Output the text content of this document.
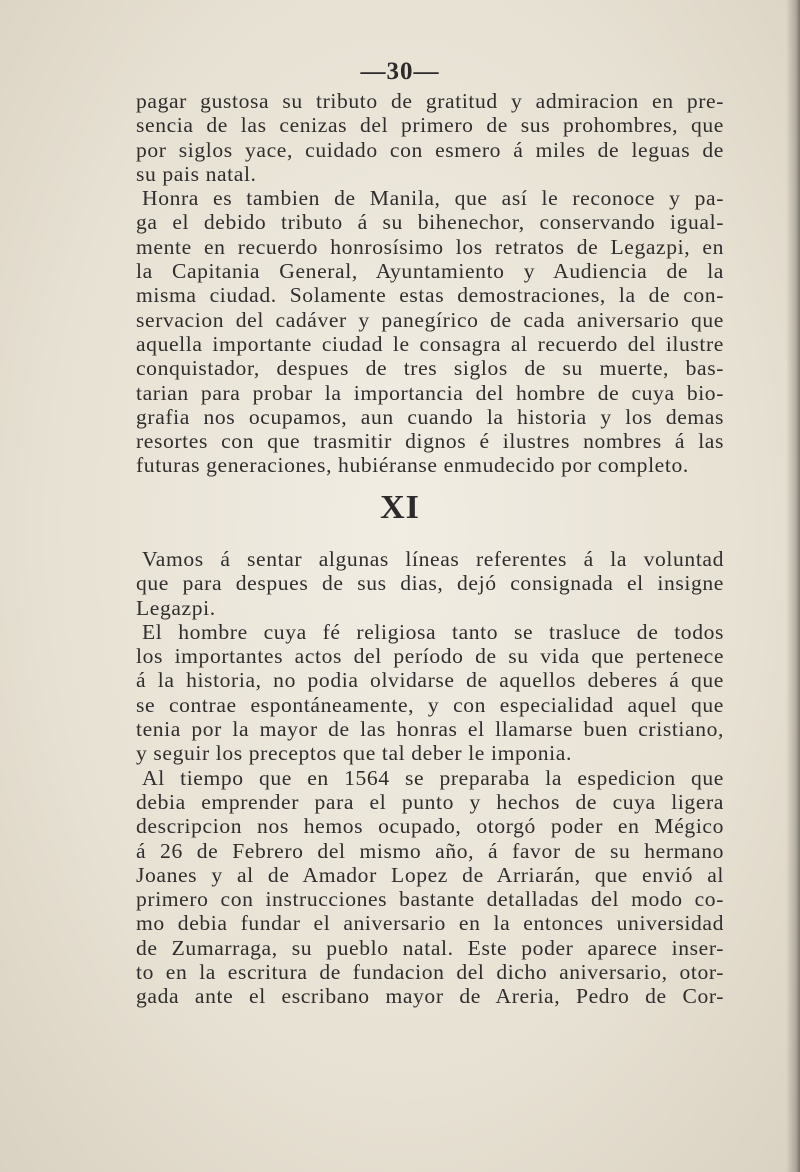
—30—
pagar gustosa su tributo de gratitud y admiracion en pre-
sencia de las cenizas del primero de sus prohombres, que
por siglos yace, cuidado con esmero á miles de leguas de
su pais natal.
Honra es tambien de Manila, que así le reconoce y pa-
ga el debido tributo á su bihenechor, conservando igual-
mente en recuerdo honrosísimo los retratos de Legazpi, en
la Capitania General, Ayuntamiento y Audiencia de la
misma ciudad. Solamente estas demostraciones, la de con-
servacion del cadáver y panegírico de cada aniversario que
aquella importante ciudad le consagra al recuerdo del ilustre
conquistador, despues de tres siglos de su muerte, bas-
tarian para probar la importancia del hombre de cuya bio-
grafia nos ocupamos, aun cuando la historia y los demas
resortes con que trasmitir dignos é ilustres nombres á las
futuras generaciones, hubiéranse enmudecido por completo.
XI
Vamos á sentar algunas líneas referentes á la voluntad
que para despues de sus dias, dejó consignada el insigne
Legazpi.
El hombre cuya fé religiosa tanto se trasluce de todos
los importantes actos del período de su vida que pertenece
á la historia, no podia olvidarse de aquellos deberes á que
se contrae espontáneamente, y con especialidad aquel que
tenia por la mayor de las honras el llamarse buen cristiano,
y seguir los preceptos que tal deber le imponia.
Al tiempo que en 1564 se preparaba la espedicion que
debia emprender para el punto y hechos de cuya ligera
descripcion nos hemos ocupado, otorgó poder en Mégico
á 26 de Febrero del mismo año, á favor de su hermano
Joanes y al de Amador Lopez de Arriarán, que envió al
primero con instrucciones bastante detalladas del modo co-
mo debia fundar el aniversario en la entonces universidad
de Zumarraga, su pueblo natal. Este poder aparece inser-
to en la escritura de fundacion del dicho aniversario, otor-
gada ante el escribano mayor de Areria, Pedro de Cor-
